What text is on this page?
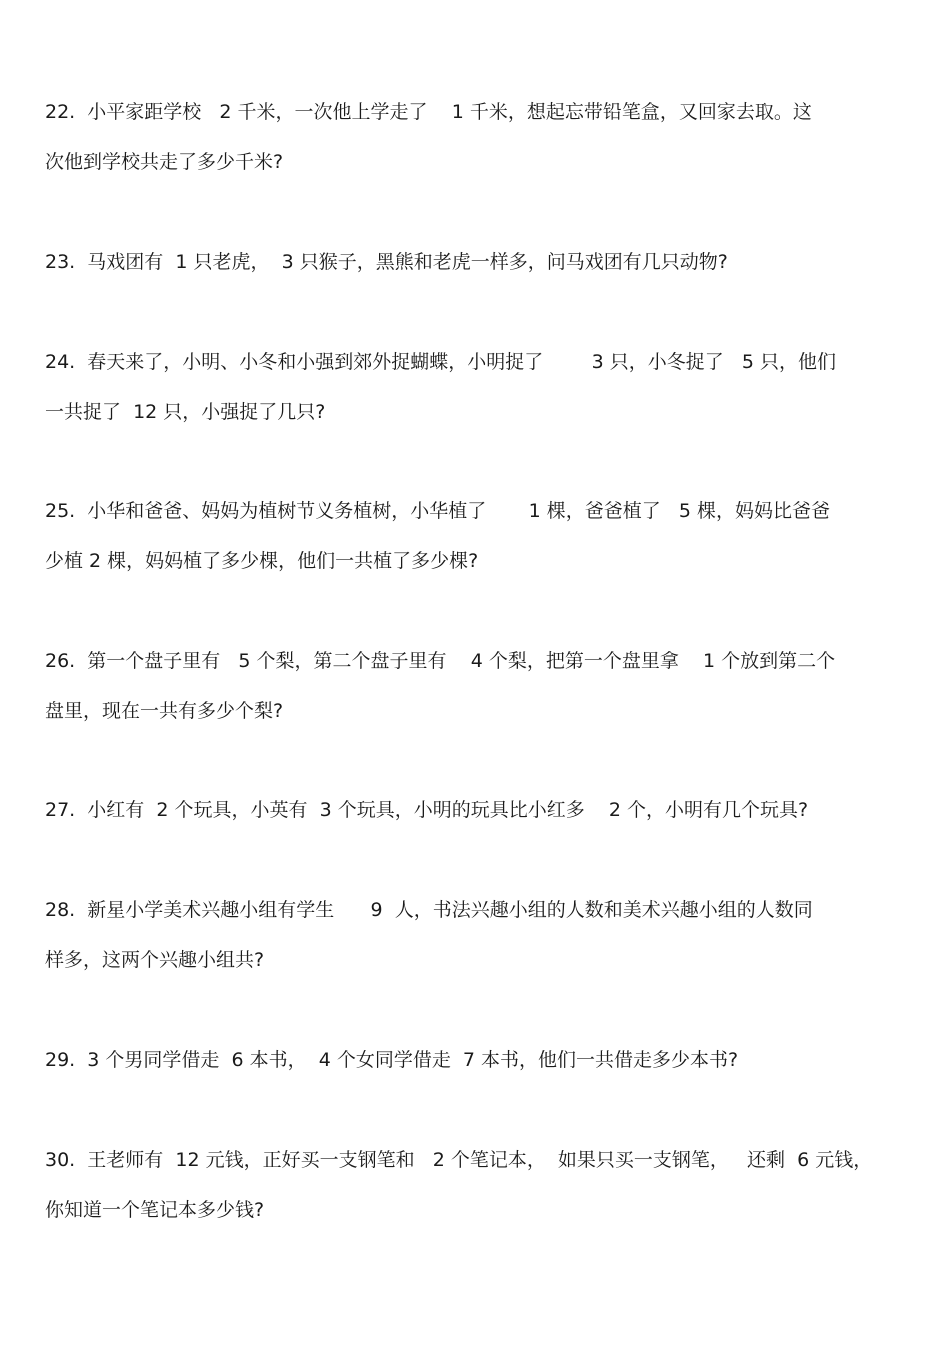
22.  小平家距学校   2 千米，一次他上学走了    1 千米，想起忘带铅笔盒，又回家去取。这
次他到学校共走了多少千米?
23.  马戏团有  1 只老虎，  3 只猴子，黑熊和老虎一样多，问马戏团有几只动物?
24.  春天来了，小明、小冬和小强到郊外捉蝴蝶，小明捉了        3 只，小冬捉了   5 只，他们
一共捉了  12 只，小强捉了几只?
25.  小华和爸爸、妈妈为植树节义务植树，小华植了       1 棵，爸爸植了   5 棵，妈妈比爸爸
少植 2 棵，妈妈植了多少棵，他们一共植了多少棵?
26.  第一个盘子里有   5 个梨，第二个盘子里有    4 个梨，把第一个盘里拿    1 个放到第二个
盘里，现在一共有多少个梨?
27.  小红有  2 个玩具，小英有  3 个玩具，小明的玩具比小红多    2 个，小明有几个玩具?
28.  新星小学美术兴趣小组有学生      9  人，书法兴趣小组的人数和美术兴趣小组的人数同
样多，这两个兴趣小组共?
29.  3 个男同学借走  6 本书，  4 个女同学借走  7 本书，他们一共借走多少本书?
30.  王老师有  12 元钱，正好买一支钢笔和   2 个笔记本，  如果只买一支钢笔，   还剩  6 元钱，
你知道一个笔记本多少钱?
